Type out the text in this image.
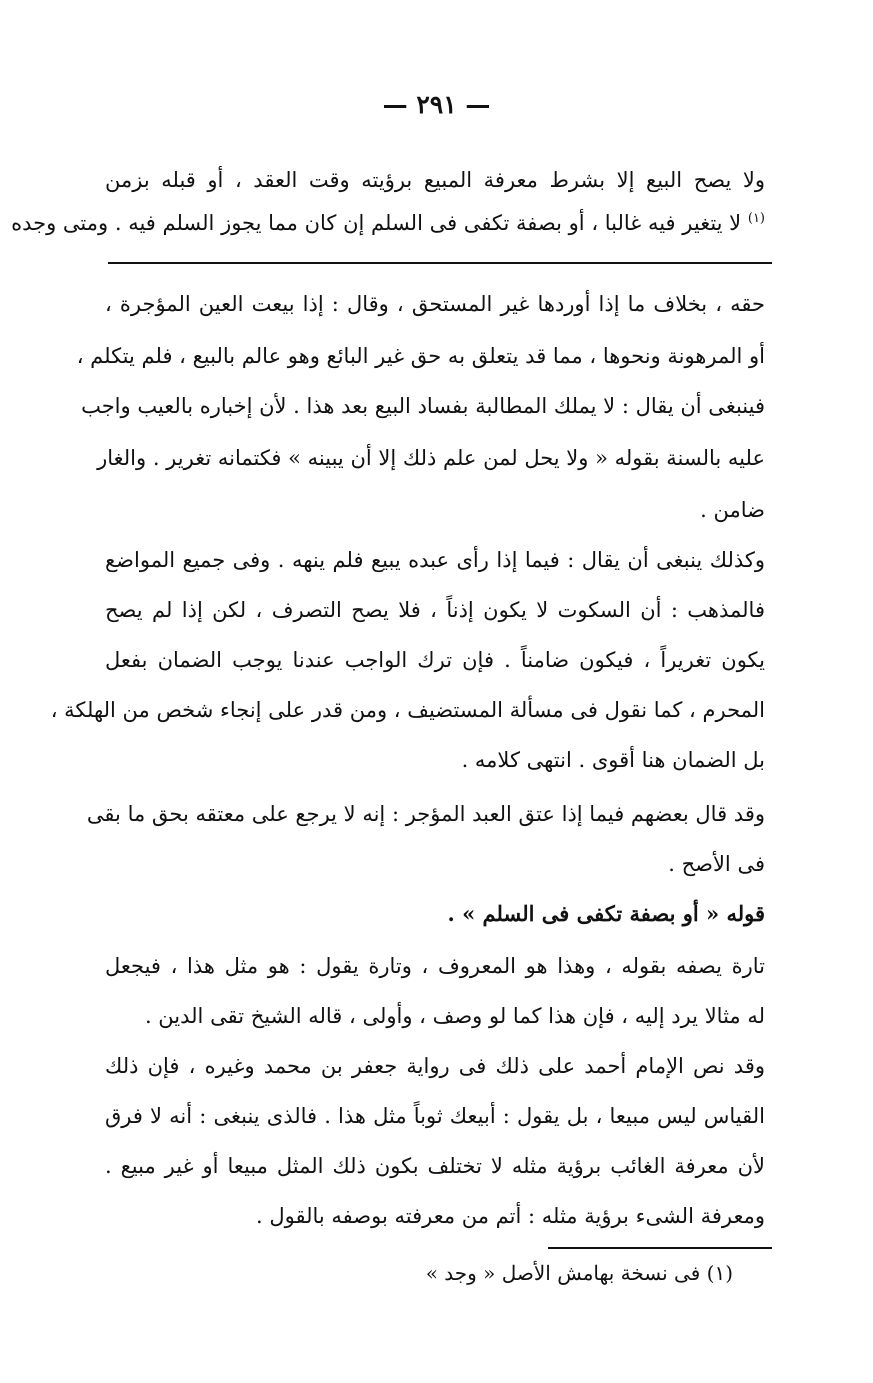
— ٢٩١ —
ولا يصح البيع إلا بشرط معرفة المبيع برؤيته وقت العقد ، أو قبله بزمن
$^{(١)}$ لا يتغير فيه غالبا ، أو بصفة تكفى فى السلم إن كان مما يجوز السلم فيه . ومتى وجده
حقه ، بخلاف ما إذا أوردها غير المستحق ، وقال : إذا بيعت العين المؤجرة ،
أو المرهونة ونحوها ، مما قد يتعلق به حق غير البائع وهو عالم بالبيع ، فلم يتكلم ،
فينبغى أن يقال : لا يملك المطالبة بفساد البيع بعد هذا . لأن إخباره بالعيب واجب
عليه بالسنة بقوله « ولا يحل لمن علم ذلك إلا أن يبينه » فكتمانه تغرير . والغار
ضامن .
وكذلك ينبغى أن يقال : فيما إذا رأى عبده يبيع فلم ينهه . وفى جميع المواضع
فالمذهب : أن السكوت لا يكون إذناً ، فلا يصح التصرف ، لكن إذا لم يصح
يكون تغريراً ، فيكون ضامناً . فإن ترك الواجب عندنا يوجب الضمان بفعل
المحرم ، كما نقول فى مسألة المستضيف ، ومن قدر على إنجاء شخص من الهلكة ،
بل الضمان هنا أقوى . انتهى كلامه .
وقد قال بعضهم فيما إذا عتق العبد المؤجر : إنه لا يرجع على معتقه بحق ما بقى
فى الأصح .
قوله « أو بصفة تكفى فى السلم » .
تارة يصفه بقوله ، وهذا هو المعروف ، وتارة يقول : هو مثل هذا ، فيجعل
له مثالا يرد إليه ، فإن هذا كما لو وصف ، وأولى ، قاله الشيخ تقى الدين .
وقد نص الإمام أحمد على ذلك فى رواية جعفر بن محمد وغيره ، فإن ذلك
القياس ليس مبيعا ، بل يقول : أبيعك ثوباً مثل هذا . فالذى ينبغى : أنه لا فرق
لأن معرفة الغائب برؤية مثله لا تختلف بكون ذلك المثل مبيعا أو غير مبيع .
ومعرفة الشىء برؤية مثله : أتم من معرفته بوصفه بالقول .
(١) فى نسخة بهامش الأصل « وجد »
